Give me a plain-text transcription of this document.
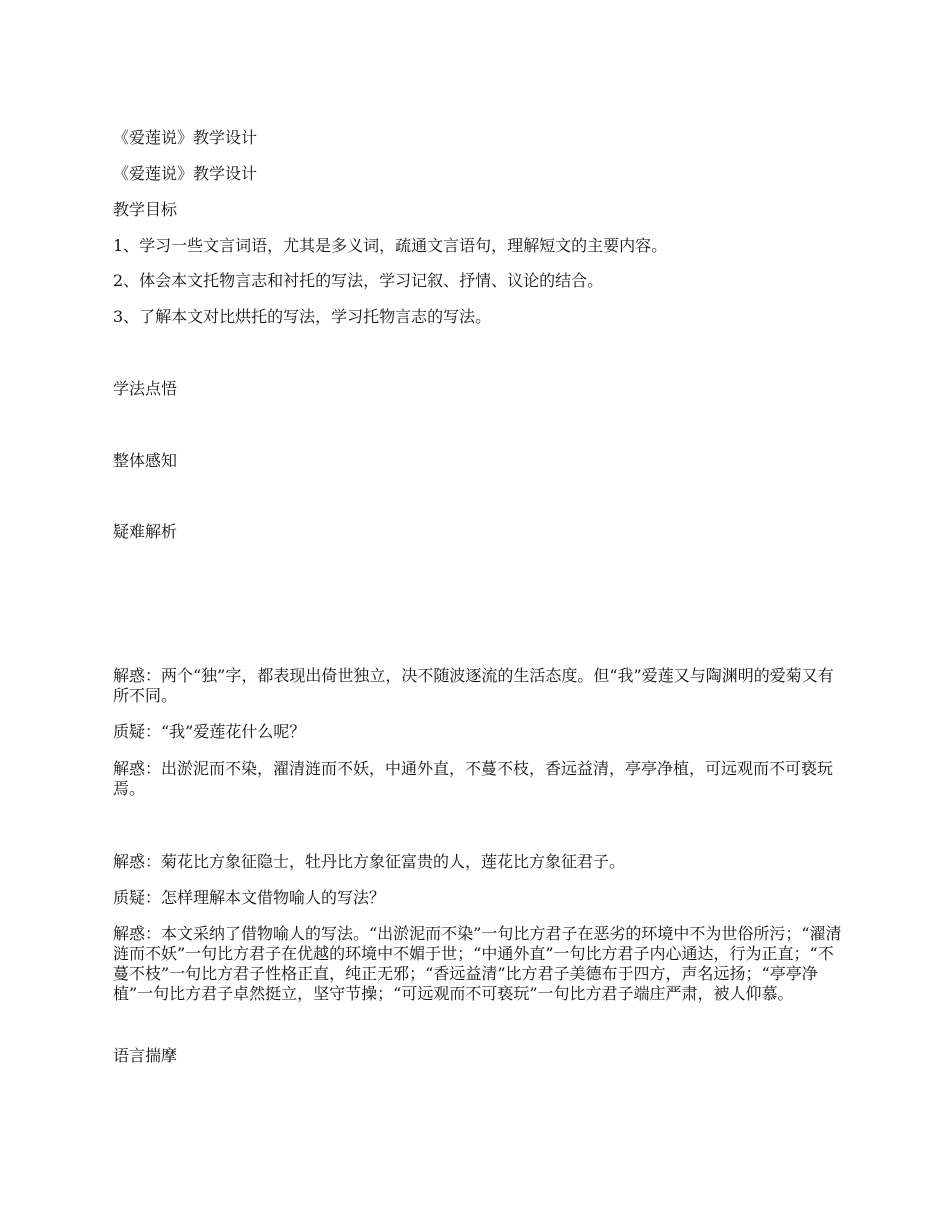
《爱莲说》教学设计

《爱莲说》教学设计

教学目标

1、学习一些文言词语，尤其是多义词，疏通文言语句，理解短文的主要内容。

2、体会本文托物言志和衬托的写法，学习记叙、抒情、议论的结合。

3、了解本文对比烘托的写法，学习托物言志的写法。

学法点悟

整体感知

疑难解析

解惑：两个“独”字，都表现出倚世独立，决不随波逐流的生活态度。但“我”爱莲又与陶渊明的爱菊又有所不同。

质疑：“我”爱莲花什么呢？

解惑：出淤泥而不染，濯清涟而不妖，中通外直，不蔓不枝，香远益清，亭亭净植，可远观而不可亵玩焉。

解惑：菊花比方象征隐士，牡丹比方象征富贵的人，莲花比方象征君子。

质疑：怎样理解本文借物喻人的写法？

解惑：本文采纳了借物喻人的写法。“出淤泥而不染”一句比方君子在恶劣的环境中不为世俗所污；“濯清涟而不妖”一句比方君子在优越的环境中不媚于世；“中通外直”一句比方君子内心通达，行为正直；“不蔓不枝”一句比方君子性格正直，纯正无邪；“香远益清”比方君子美德布于四方，声名远扬；“亭亭净植”一句比方君子卓然挺立，坚守节操；“可远观而不可亵玩”一句比方君子端庄严肃，被人仰慕。

语言揣摩
